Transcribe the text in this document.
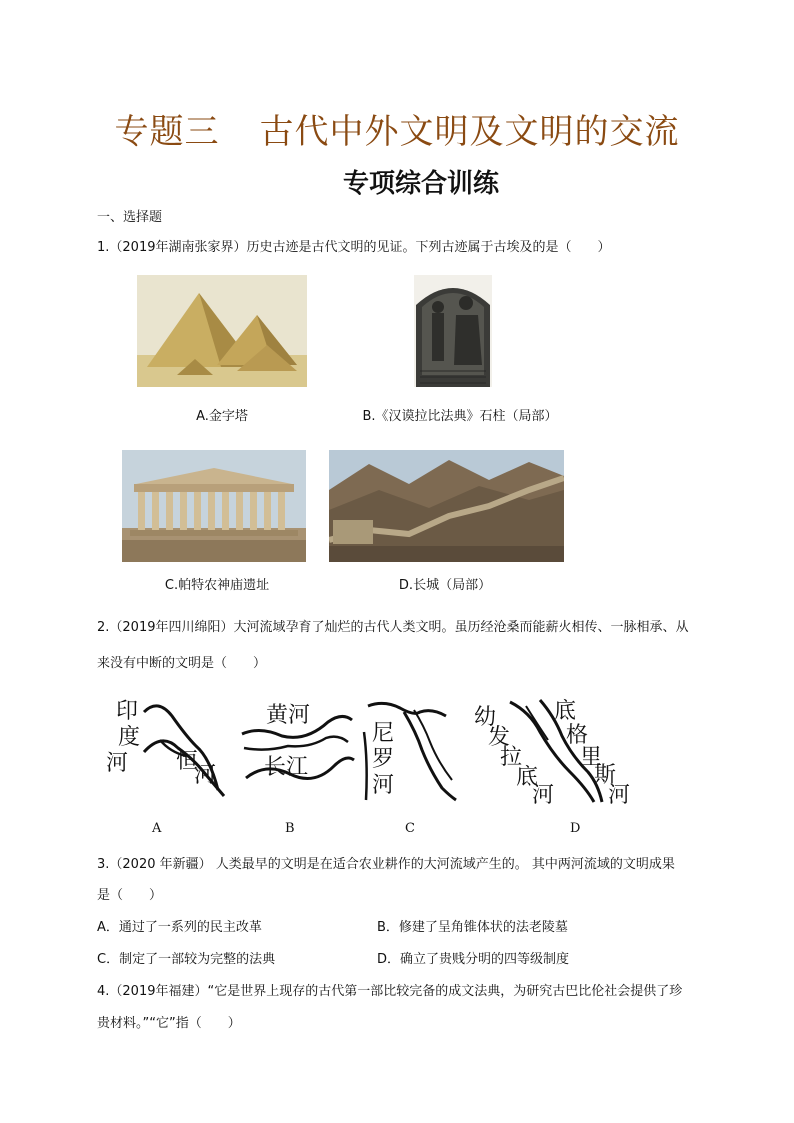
专题三 古代中外文明及文明的交流
专项综合训练
一、选择题
1.（2019年湖南张家界）历史古迹是古代文明的见证。下列古迹属于古埃及的是（　　）
A.金字塔	B.《汉谟拉比法典》石柱（局部）
C.帕特农神庙遗址	D.长城（局部）
2.（2019年四川绵阳）大河流域孕育了灿烂的古代人类文明。虽历经沧桑而能薪火相传、一脉相承、从
来没有中断的文明是（　　）
印
度
河 恒
河
A
黄河
长江
B
尼
罗
河
C
幼
发
拉
底
河
底
格
里
斯
河
D
3.（2020 年新疆） 人类最早的文明是在适合农业耕作的大河流域产生的。 其中两河流域的文明成果
是（　　）
A．通过了一系列的民主改革	B．修建了呈角锥体状的法老陵墓
C．制定了一部较为完整的法典	D．确立了贵贱分明的四等级制度
4.（2019年福建）“它是世界上现存的古代第一部比较完备的成文法典，为研究古巴比伦社会提供了珍
贵材料。”“它”指（　　）
